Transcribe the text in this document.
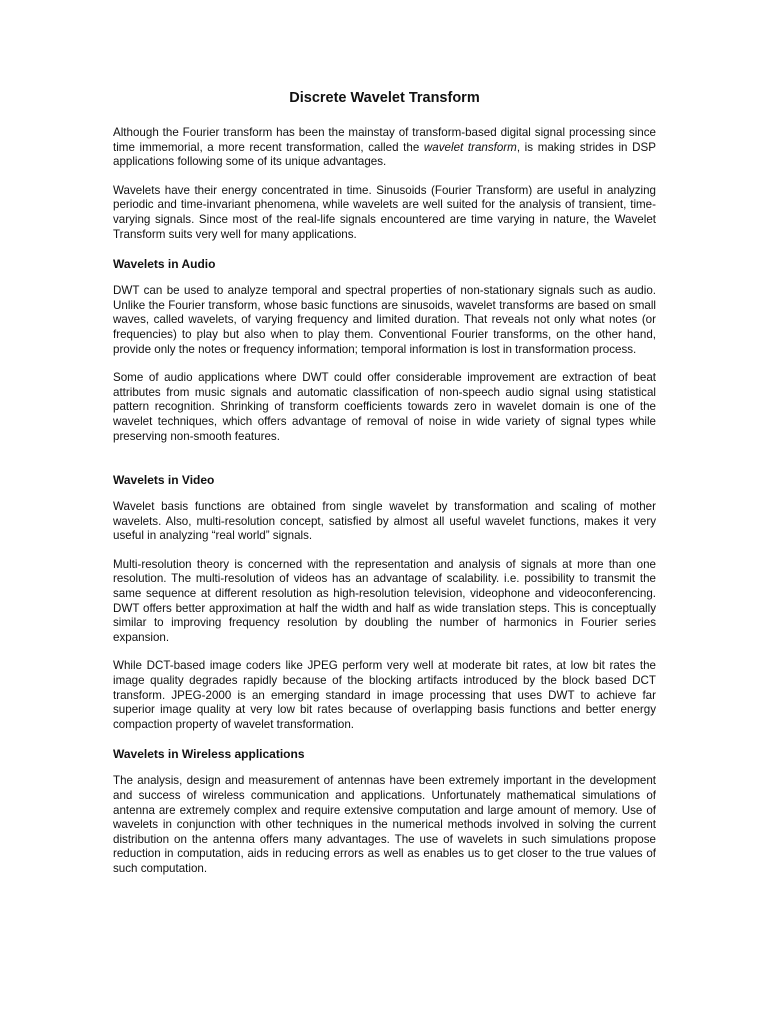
Discrete Wavelet Transform

Although the Fourier transform has been the mainstay of transform-based digital signal processing since time immemorial, a more recent transformation, called the wavelet transform, is making strides in DSP applications following some of its unique advantages.

Wavelets have their energy concentrated in time. Sinusoids (Fourier Transform) are useful in analyzing periodic and time-invariant phenomena, while wavelets are well suited for the analysis of transient, time-varying signals. Since most of the real-life signals encountered are time varying in nature, the Wavelet Transform suits very well for many applications.

Wavelets in Audio

DWT can be used to analyze temporal and spectral properties of non-stationary signals such as audio. Unlike the Fourier transform, whose basic functions are sinusoids, wavelet transforms are based on small waves, called wavelets, of varying frequency and limited duration. That reveals not only what notes (or frequencies) to play but also when to play them. Conventional Fourier transforms, on the other hand, provide only the notes or frequency information; temporal information is lost in transformation process.

Some of audio applications where DWT could offer considerable improvement are extraction of beat attributes from music signals and automatic classification of non-speech audio signal using statistical pattern recognition. Shrinking of transform coefficients towards zero in wavelet domain is one of the wavelet techniques, which offers advantage of removal of noise in wide variety of signal types while preserving non-smooth features.

Wavelets in Video

Wavelet basis functions are obtained from single wavelet by transformation and scaling of mother wavelets. Also, multi-resolution concept, satisfied by almost all useful wavelet functions, makes it very useful in analyzing “real world” signals.

Multi-resolution theory is concerned with the representation and analysis of signals at more than one resolution. The multi-resolution of videos has an advantage of scalability. i.e. possibility to transmit the same sequence at different resolution as high-resolution television, videophone and videoconferencing. DWT offers better approximation at half the width and half as wide translation steps. This is conceptually similar to improving frequency resolution by doubling the number of harmonics in Fourier series expansion.

While DCT-based image coders like JPEG perform very well at moderate bit rates, at low bit rates the image quality degrades rapidly because of the blocking artifacts introduced by the block based DCT transform. JPEG-2000 is an emerging standard in image processing that uses DWT to achieve far superior image quality at very low bit rates because of overlapping basis functions and better energy compaction property of wavelet transformation.

Wavelets in Wireless applications

The analysis, design and measurement of antennas have been extremely important in the development and success of wireless communication and applications. Unfortunately mathematical simulations of antenna are extremely complex and require extensive computation and large amount of memory. Use of wavelets in conjunction with other techniques in the numerical methods involved in solving the current distribution on the antenna offers many advantages. The use of wavelets in such simulations propose reduction in computation, aids in reducing errors as well as enables us to get closer to the true values of such computation.
